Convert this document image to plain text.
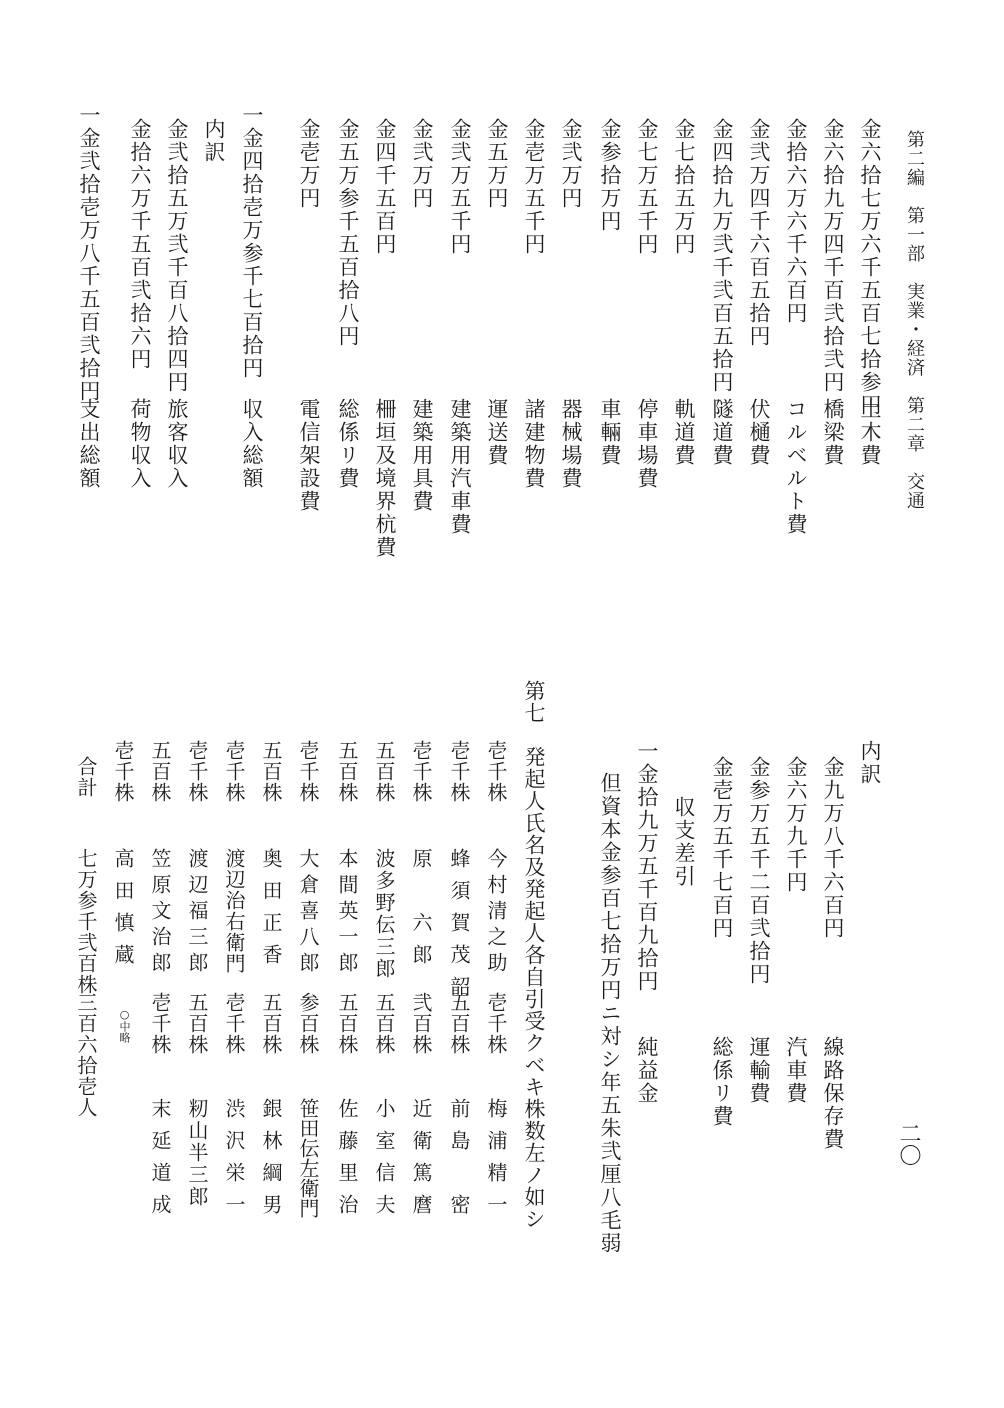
第二編　第一部　実業・経済　第二章　交通
二〇
金六拾七万六千五百七拾参円
土木費
金六拾九万四千百弐拾弐円
橋梁費
金拾六万六千六百円
コルベルト費
金弐万四千六百五拾円
伏樋費
金四拾九万弐千弐百五拾円
隧道費
金七拾五万円
軌道費
金七万五千円
停車場費
金参拾万円
車輛費
金弐万円
器械場費
金壱万五千円
諸建物費
金五万円
運送費
金弐万五千円
建築用汽車費
金弐万円
建築用具費
金四千五百円
柵垣及境界杭費
金五万参千五百拾八円
総係リ費
金壱万円
電信架設費
一金四拾壱万参千七百拾円
収入総額
内訳
金弐拾五万弐千百八拾四円
旅客収入
金拾六万千五百弐拾六円
荷物収入
一金弐拾壱万八千五百弐拾円
支出総額
内訳
金九万八千六百円
線路保存費
金六万九千円
汽車費
金参万五千二百弐拾円
運輸費
金壱万五千七百円
総係リ費
収支差引
一金拾九万五千百九拾円
純益金
但資本金参百七拾万円ニ対シ年五朱弐厘八毛弱
第七　発起人氏名及発起人各自引受クベキ株数左ノ如シ
壱千株
今村清之助
壱千株
梅浦精一
壱千株
蜂須賀茂韶
五百株
前島　密
壱千株
原　六郎
弐百株
近衛篤麿
五百株
波多野伝三郎
五百株
小室信夫
五百株
本間英一郎
五百株
佐藤里治
壱千株
大倉喜八郎
参百株
笹田伝左衛門
五百株
奥田正香
五百株
銀林綱男
壱千株
渡辺治右衛門
壱千株
渋沢栄一
壱千株
渡辺福三郎
五百株
籾山半三郎
五百株
笠原文治郎
壱千株
末延道成
壱千株
高田慎蔵
○中略
合計
七万参千弐百株
三百六拾壱人
